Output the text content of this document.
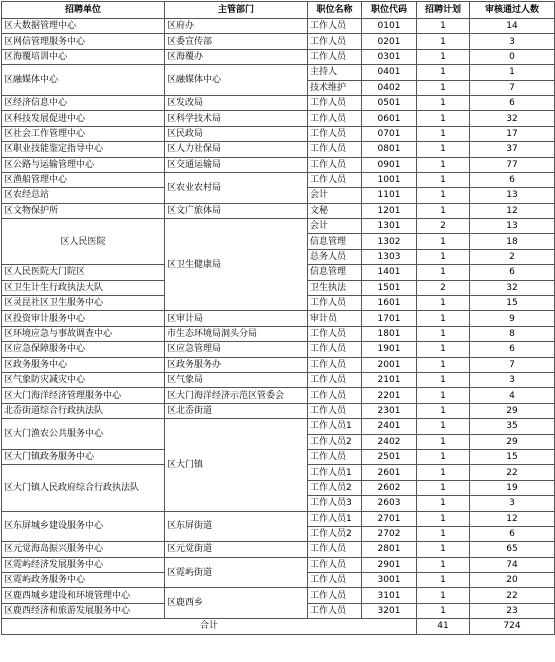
招聘单位	主管部门	职位名称	职位代码	招聘计划	审核通过人数
区大数据管理中心	区府办	工作人员	0101	1	14
区网信管理服务中心	区委宣传部	工作人员	0201	1	3
区海覆培训中心	区海覆办	工作人员	0301	1	0
区融媒体中心	区融媒体中心	主持人	0401	1	1
		技术维护	0402	1	7
区经济信息中心	区发改局	工作人员	0501	1	6
区科技发展促进中心	区科学技术局	工作人员	0601	1	32
区社会工作管理中心	区民政局	工作人员	0701	1	17
区职业技能鉴定指导中心	区人力社保局	工作人员	0801	1	37
区公路与运输管理中心	区交通运输局	工作人员	0901	1	77
区渔船管理中心	区农业农村局	工作人员	1001	1	6
区农经总站		会计	1101	1	13
区文物保护所	区文广旅体局	文秘	1201	1	12
区人民医院	区卫生健康局	会计	1301	2	13
		信息管理	1302	1	18
		总务人员	1303	1	2
区人民医院大门院区		信息管理	1401	1	6
区卫生计生行政执法大队		卫生执法	1501	2	32
区灵昆社区卫生服务中心		工作人员	1601	1	15
区投资审计服务中心	区审计局	审计员	1701	1	9
区环境应急与事故调查中心	市生态环境局洞头分局	工作人员	1801	1	8
区应急保障服务中心	区应急管理局	工作人员	1901	1	6
区政务服务中心	区政务服务办	工作人员	2001	1	7
区气象防灾减灾中心	区气象局	工作人员	2101	1	3
区大门海洋经济管理服务中心	区大门海洋经济示范区管委会	工作人员	2201	1	4
北岙街道综合行政执法队	区北岙街道	工作人员	2301	1	29
区大门渔农公共服务中心	区大门镇	工作人员1	2401	1	35
		工作人员2	2402	1	29
区大门镇政务服务中心		工作人员	2501	1	15
区大门镇人民政府综合行政执法队		工作人员1	2601	1	22
		工作人员2	2602	1	19
		工作人员3	2603	1	3
区东屏城乡建设服务中心	区东屏街道	工作人员1	2701	1	12
		工作人员2	2702	1	6
区元觉海岛振兴服务中心	区元觉街道	工作人员	2801	1	65
区霓屿经济发展服务中心	区霓屿街道	工作人员	2901	1	74
区霓屿政务服务中心		工作人员	3001	1	20
区鹿西城乡建设和环境管理中心	区鹿西乡	工作人员	3101	1	22
区鹿西经济和旅游发展服务中心		工作人员	3201	1	23
合计				41	724
